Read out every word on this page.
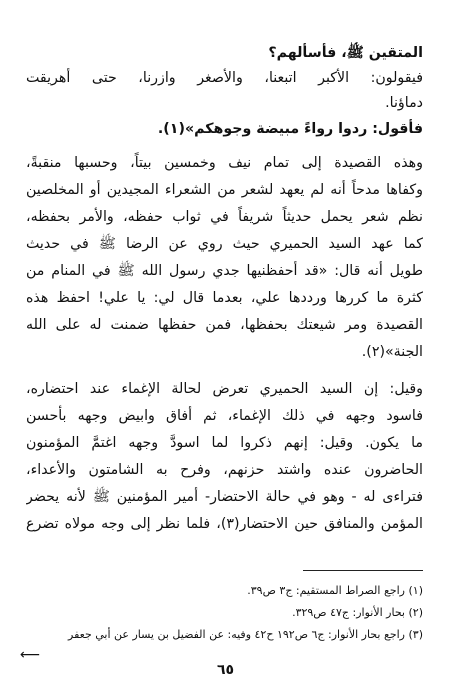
المتقين ﷺ، فأسألهم؟
فيقولون: الأكبر اتبعنا، والأصغر وازرنا، حتى أهريقت
دماؤنا.
فأقول: ردوا رواءً مبيضة وجوهكم»(١).
وهذه القصيدة إلى تمام نيف وخمسين بيتاً، وحسبها منقبةً،
وكفاها مدحاً أنه لم يعهد لشعر من الشعراء المجيدين أو المخلصين
نظم شعر يحمل حديثاً شريفاً في ثواب حفظه، والأمر بحفظه،
كما عهد السيد الحميري حيث روي عن الرضا ﷺ في حديث
طويل أنه قال: «قد أحفظنيها جدي رسول الله ﷺ في المنام من
كثرة ما كررها ورددها علي، بعدما قال لي: يا علي! احفظ هذه
القصيدة ومر شيعتك بحفظها، فمن حفظها ضمنت له على الله
الجنة»(٢).
وقيل: إن السيد الحميري تعرض لحالة الإغماء عند احتضاره،
فاسود وجهه في ذلك الإغماء، ثم أفاق وابيض وجهه بأحسن
ما يكون. وقيل: إنهم ذكروا لما اسودَّ وجهه اغتمَّ المؤمنون
الحاضرون عنده واشتد حزنهم، وفرح به الشامتون والأعداء،
فتراءى له - وهو في حالة الاحتضار- أمير المؤمنين ﷺ لأنه يحضر
المؤمن والمنافق حين الاحتضار(٣)، فلما نظر إلى وجه مولاه تضرع
(١) راجع الصراط المستقيم: ج٣ ص٣٩.
(٢) بحار الأنوار: ج٤٧ ص٣٢٩.
(٣) راجع بحار الأنوار: ج٦ ص١٩٢ ح٤٢ وفيه: عن الفضيل بن يسار عن أبي جعفر
⟵
٦٥
